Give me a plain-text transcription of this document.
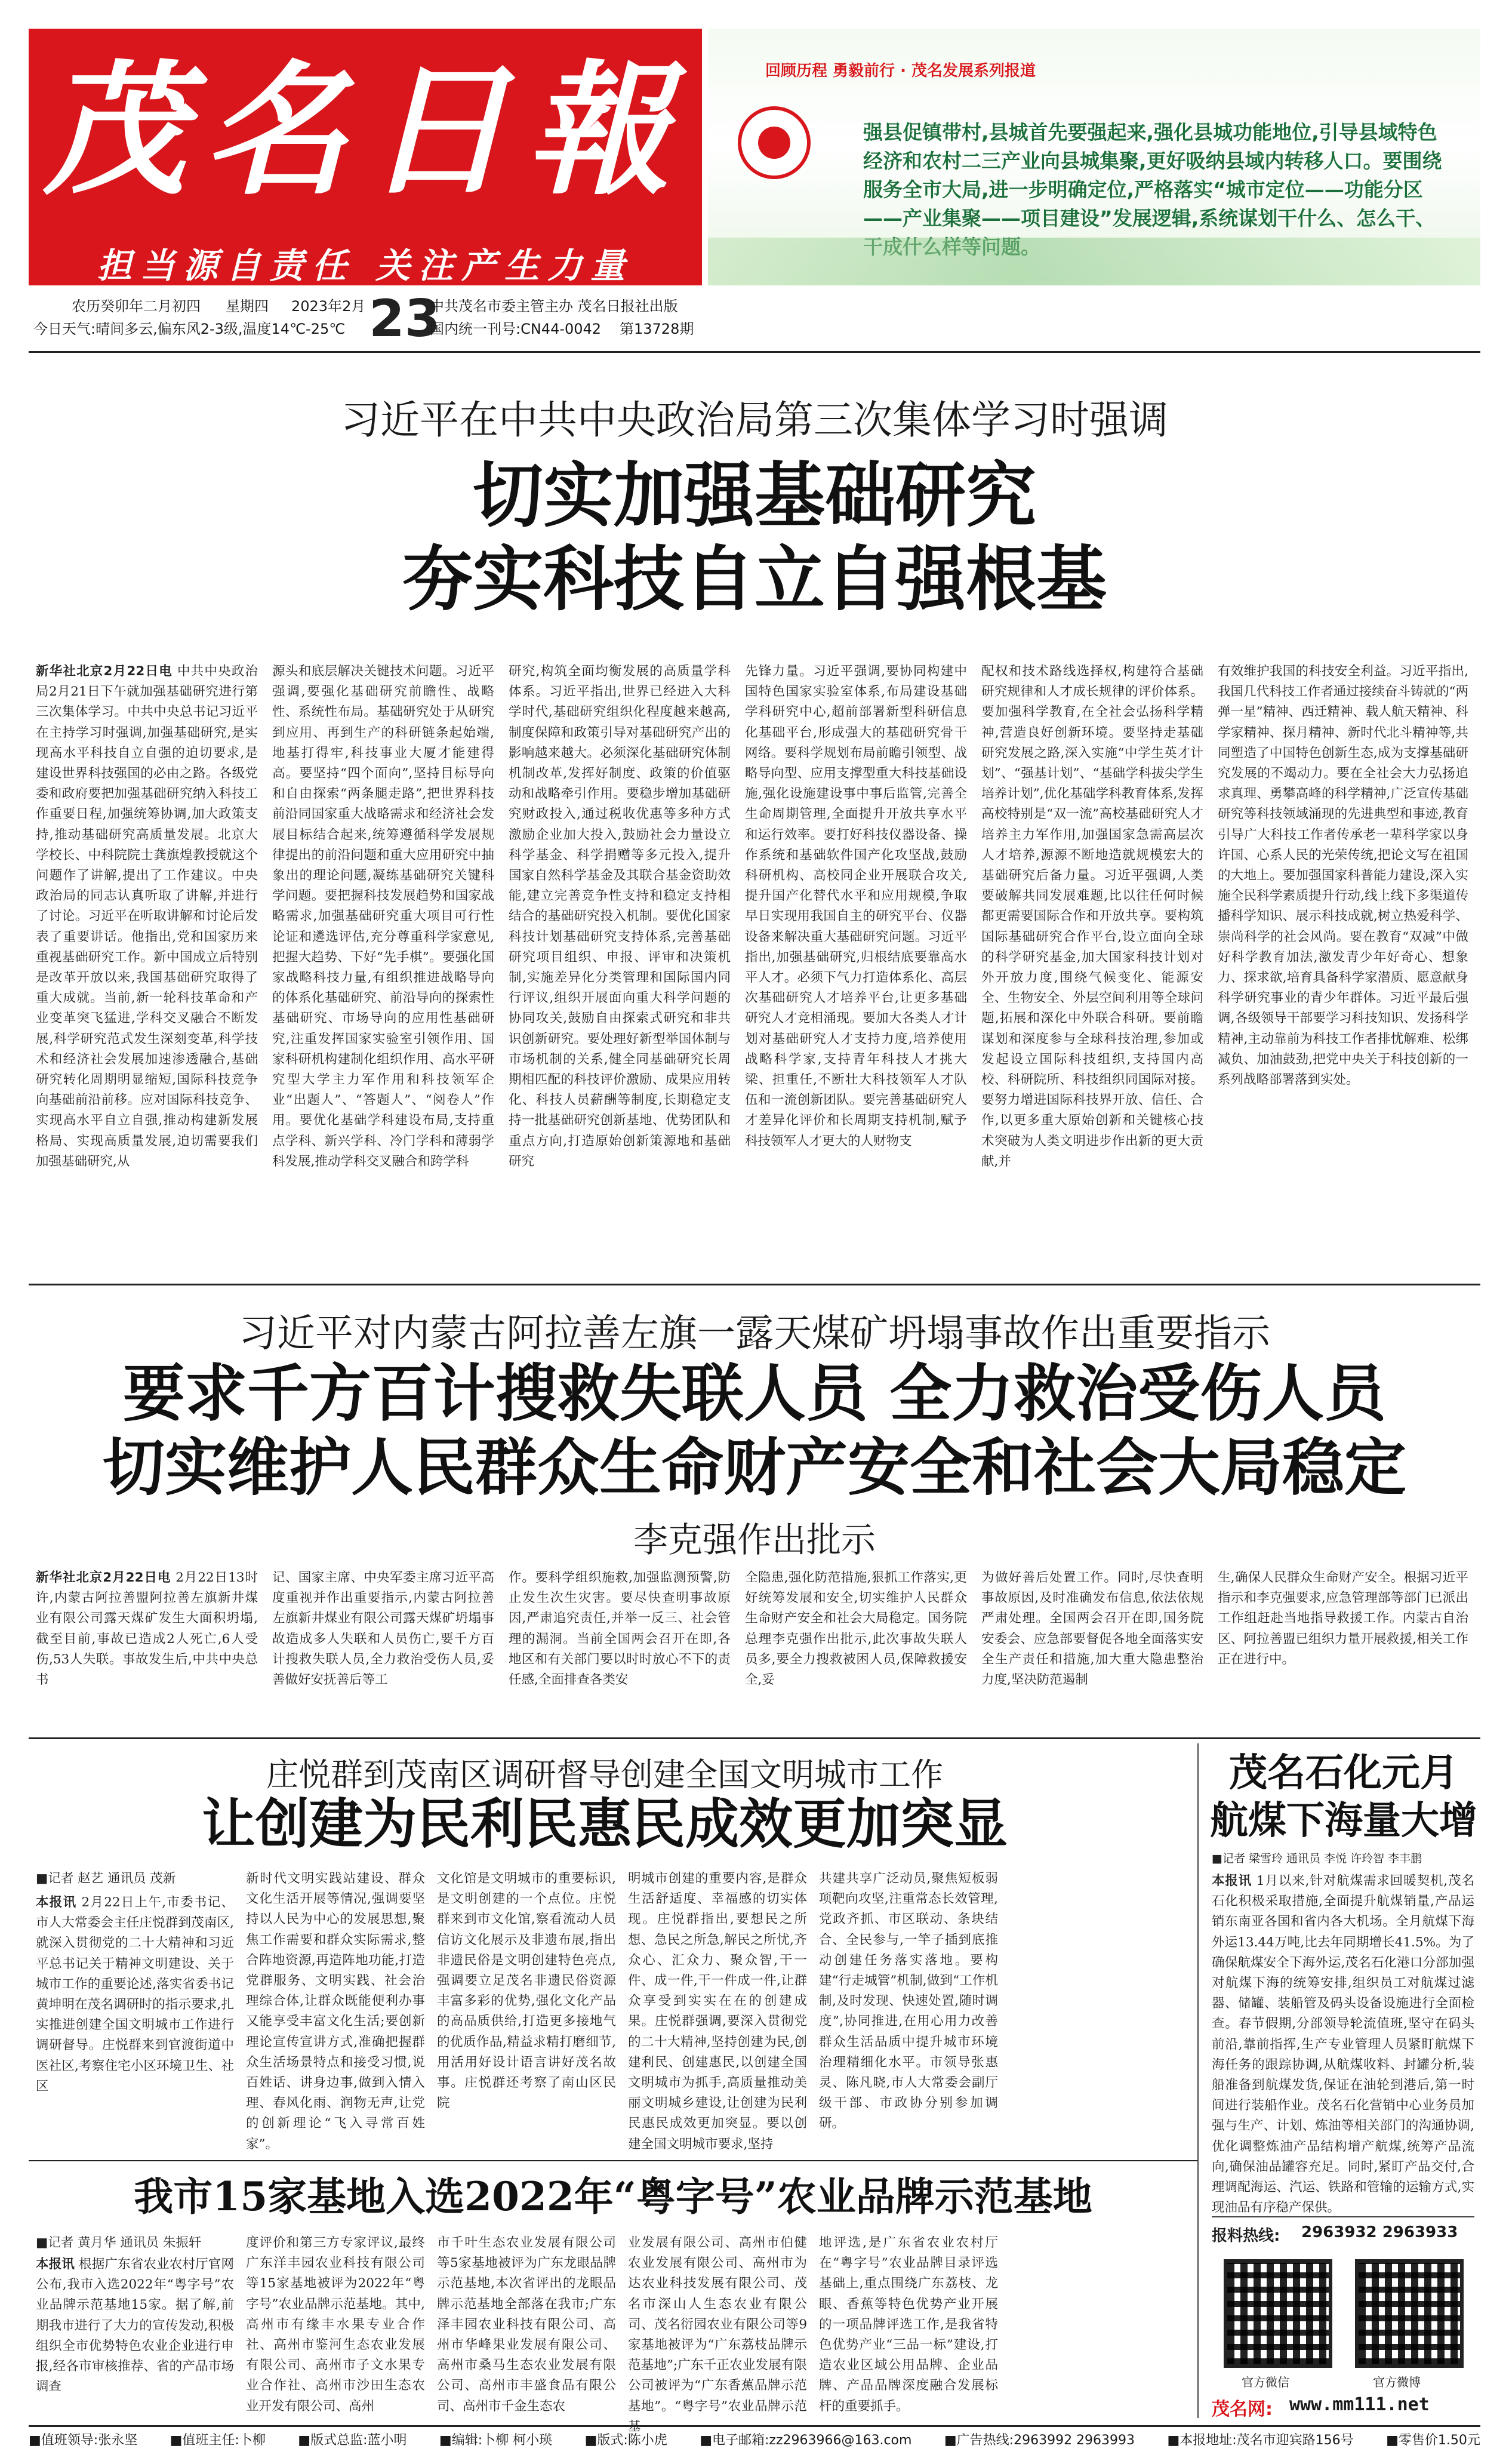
茂名日報
担当源自责任 关注产生力量
回顾历程 勇毅前行 · 茂名发展系列报道
强县促镇带村,县城首先要强起来,强化县城功能地位,引导县域特色经济和农村二三产业向县城集聚,更好吸纳县域内转移人口。要围绕服务全市大局,进一步明确定位,严格落实“城市定位——功能分区——产业集聚——项目建设”发展逻辑,系统谋划干什么、怎么干、
农历癸卯年二月初四 星期四 2023年2月
今日天气:晴间多云,偏东风2-3级,温度14℃-25℃ 23
中共茂名市委主管主办 茂名日报社出版
国内统一刊号:CN44-0042 第13728期
习近平在中共中央政治局第三次集体学习时强调
切实加强基础研究
夯实科技自立自强根基
新华社北京2月22日电 中共中央政治局2月21日下午就加强基础研究进行第三次集体学习。中共中央总书记习近平在主持学习时强调,加强基础研究,是实现高水平科技自立自强的迫切要求,是建设世界科技强国的必由之路。各级党委和政府要把加强基础研究纳入科技工作重要日程,加强统筹协调,加大政策支持,推动基础研究高质量发展。北京大学校长、中科院院士龚旗煌教授就这个问题作了讲解,提出了工作建议。中央政治局的同志认真听取了讲解,并进行了讨论。习近平在听取讲解和讨论后发表了重要讲话。他指出,党和国家历来重视基础研究工作。新中国成立后特别是改革开放以来,我国基础研究取得了重大成就。当前,新一轮科技革命和产业变革突飞猛进,学科交叉融合不断发展,科学研究范式发生深刻变革,科学技术和经济社会发展加速渗透融合,基础研究转化周期明显缩短,国际科技竞争向基础前沿前移。应对国际科技竞争、实现高水平自立自强,推动构建新发展格局、实现高质量发展,迫切需要我们加强基础研究,从
源头和底层解决关键技术问题。习近平强调,要强化基础研究前瞻性、战略性、系统性布局。基础研究处于从研究到应用、再到生产的科研链条起始端,地基打得牢,科技事业大厦才能建得高。要坚持“四个面向”,坚持目标导向和自由探索“两条腿走路”,把世界科技前沿同国家重大战略需求和经济社会发展目标结合起来,统筹遵循科学发展规律提出的前沿问题和重大应用研究中抽象出的理论问题,凝练基础研究关键科学问题。要把握科技发展趋势和国家战略需求,加强基础研究重大项目可行性论证和遴选评估,充分尊重科学家意见,把握大趋势、下好“先手棋”。要强化国家战略科技力量,有组织推进战略导向的体系化基础研究、前沿导向的探索性基础研究、市场导向的应用性基础研究,注重发挥国家实验室引领作用、国家科研机构建制化组织作用、高水平研究型大学主力军作用和科技领军企业“出题人”、“答题人”、“阅卷人”作用。要优化基础学科建设布局,支持重点学科、新兴学科、冷门学科和薄弱学科发展,推动学科交叉融合和跨学科
研究,构筑全面均衡发展的高质量学科体系。习近平指出,世界已经进入大科学时代,基础研究组织化程度越来越高,制度保障和政策引导对基础研究产出的影响越来越大。必须深化基础研究体制机制改革,发挥好制度、政策的价值驱动和战略牵引作用。要稳步增加基础研究财政投入,通过税收优惠等多种方式激励企业加大投入,鼓励社会力量设立科学基金、科学捐赠等多元投入,提升国家自然科学基金及其联合基金资助效能,建立完善竞争性支持和稳定支持相结合的基础研究投入机制。要优化国家科技计划基础研究支持体系,完善基础研究项目组织、申报、评审和决策机制,实施差异化分类管理和国际国内同行评议,组织开展面向重大科学问题的协同攻关,鼓励自由探索式研究和非共识创新研究。要处理好新型举国体制与市场机制的关系,健全同基础研究长周期相匹配的科技评价激励、成果应用转化、科技人员薪酬等制度,长期稳定支持一批基础研究创新基地、优势团队和重点方向,打造原始创新策源地和基础研究
先锋力量。习近平强调,要协同构建中国特色国家实验室体系,布局建设基础学科研究中心,超前部署新型科研信息化基础平台,形成强大的基础研究骨干网络。要科学规划布局前瞻引领型、战略导向型、应用支撑型重大科技基础设施,强化设施建设事中事后监管,完善全生命周期管理,全面提升开放共享水平和运行效率。要打好科技仪器设备、操作系统和基础软件国产化攻坚战,鼓励科研机构、高校同企业开展联合攻关,提升国产化替代水平和应用规模,争取早日实现用我国自主的研究平台、仪器设备来解决重大基础研究问题。习近平指出,加强基础研究,归根结底要靠高水平人才。必须下气力打造体系化、高层次基础研究人才培养平台,让更多基础研究人才竞相涌现。要加大各类人才计划对基础研究人才支持力度,培养使用战略科学家,支持青年科技人才挑大梁、担重任,不断壮大科技领军人才队伍和一流创新团队。要完善基础研究人才差异化评价和长周期支持机制,赋予科技领军人才更大的人财物支
配权和技术路线选择权,构建符合基础研究规律和人才成长规律的评价体系。要加强科学教育,在全社会弘扬科学精神,营造良好创新环境。要坚持走基础研究发展之路,深入实施“中学生英才计划”、“强基计划”、“基础学科拔尖学生培养计划”,优化基础学科教育体系,发挥高校特别是“双一流”高校基础研究人才培养主力军作用,加强国家急需高层次人才培养,源源不断地造就规模宏大的基础研究后备力量。习近平强调,人类要破解共同发展难题,比以往任何时候都更需要国际合作和开放共享。要构筑国际基础研究合作平台,设立面向全球的科学研究基金,加大国家科技计划对外开放力度,围绕气候变化、能源安全、生物安全、外层空间利用等全球问题,拓展和深化中外联合科研。要前瞻谋划和深度参与全球科技治理,参加或发起设立国际科技组织,支持国内高校、科研院所、科技组织同国际对接。要努力增进国际科技界开放、信任、合作,以更多重大原始创新和关键核心技术突破为人类文明进步作出新的更大贡献,并
有效维护我国的科技安全利益。习近平指出,我国几代科技工作者通过接续奋斗铸就的“两弹一星”精神、西迁精神、载人航天精神、科学家精神、探月精神、新时代北斗精神等,共同塑造了中国特色创新生态,成为支撑基础研究发展的不竭动力。要在全社会大力弘扬追求真理、勇攀高峰的科学精神,广泛宣传基础研究等科技领域涌现的先进典型和事迹,教育引导广大科技工作者传承老一辈科学家以身许国、心系人民的光荣传统,把论文写在祖国的大地上。要加强国家科普能力建设,深入实施全民科学素质提升行动,线上线下多渠道传播科学知识、展示科技成就,树立热爱科学、崇尚科学的社会风尚。要在教育“双减”中做好科学教育加法,激发青少年好奇心、想象力、探求欲,培育具备科学家潜质、愿意献身科学研究事业的青少年群体。习近平最后强调,各级领导干部要学习科技知识、发扬科学精神,主动靠前为科技工作者排忧解难、松绑减负、加油鼓劲,把党中央关于科技创新的一系列战略部署落到实处。
习近平对内蒙古阿拉善左旗一露天煤矿坍塌事故作出重要指示
要求千方百计搜救失联人员 全力救治受伤人员
切实维护人民群众生命财产安全和社会大局稳定
李克强作出批示
新华社北京2月22日电 2月22日13时许,内蒙古阿拉善盟阿拉善左旗新井煤业有限公司露天煤矿发生大面积坍塌,截至目前,事故已造成2人死亡,6人受伤,53人失联。事故发生后,中共中央总书
记、国家主席、中央军委主席习近平高度重视并作出重要指示,内蒙古阿拉善左旗新井煤业有限公司露天煤矿坍塌事故造成多人失联和人员伤亡,要千方百计搜救失联人员,全力救治受伤人员,妥善做好安抚善后等工
作。要科学组织施救,加强监测预警,防止发生次生灾害。要尽快查明事故原因,严肃追究责任,并举一反三、社会管理的漏洞。当前全国两会召开在即,各地区和有关部门要以时时放心不下的责任感,全面排查各类安
全隐患,强化防范措施,狠抓工作落实,更好统筹发展和安全,切实维护人民群众生命财产安全和社会大局稳定。国务院总理李克强作出批示,此次事故失联人员多,要全力搜救被困人员,保障救援安全,妥
为做好善后处置工作。同时,尽快查明事故原因,及时准确发布信息,依法依规严肃处理。全国两会召开在即,国务院安委会、应急部要督促各地全面落实安全生产责任和措施,加大重大隐患整治力度,坚决防范遏制
生,确保人民群众生命财产安全。根据习近平指示和李克强要求,应急管理部等部门已派出工作组赶赴当地指导救援工作。内蒙古自治区、阿拉善盟已组织力量开展救援,相关工作正在进行中。
庄悦群到茂南区调研督导创建全国文明城市工作
让创建为民利民惠民成效更加突显
■记者 赵艺 通讯员 茂新
本报讯 2月22日上午,市委书记、市人大常委会主任庄悦群到茂南区,就深入贯彻党的二十大精神和习近平总书记关于精神文明建设、关于城市工作的重要论述,落实省委书记黄坤明在茂名调研时的指示要求,扎实推进创建全国文明城市工作进行调研督导。庄悦群来到官渡街道中医社区,考察住宅小区环境卫生、社区
新时代文明实践站建设、群众文化生活开展等情况,强调要坚持以人民为中心的发展思想,聚焦工作需要和群众实际需求,整合阵地资源,再造阵地功能,打造党群服务、文明实践、社会治理综合体,让群众既能便利办事又能享受丰富文化生活;要创新理论宣传宣讲方式,准确把握群众生活场景特点和接受习惯,说百姓话、讲身边事,做到入情入理、春风化雨、润物无声,让党的创新理论“飞入寻常百姓家”。
文化馆是文明城市的重要标识,是文明创建的一个点位。庄悦群来到市文化馆,察看流动人员信访文化展示及非遗布展,指出非遗民俗是文明创建特色亮点,强调要立足茂名非遗民俗资源丰富多彩的优势,强化文化产品的高品质供给,打造更多接地气的优质作品,精益求精打磨细节,用活用好设计语言讲好茂名故事。庄悦群还考察了南山区民院
明城市创建的重要内容,是群众生活舒适度、幸福感的切实体现。庄悦群指出,要想民之所想、急民之所急,解民之所忧,齐众心、汇众力、聚众智,干一件、成一件,干一件成一件,让群众享受到实实在在的创建成果。庄悦群强调,要深入贯彻党的二十大精神,坚持创建为民,创建利民、创建惠民,以创建全国文明城市为抓手,高质量推动美丽文明城乡建设,让创建为民利民惠民成效更加突显。要以创建全国文明城市要求,坚持
共建共享广泛动员,聚焦短板弱项靶向攻坚,注重常态长效管理,党政齐抓、市区联动、条块结合、全民参与,一竿子插到底推动创建任务落实落地。要构建“行走城管”机制,做到“工作机制,及时发现、快速处置,随时调度”,协同推进,在用心用力改善群众生活品质中提升城市环境治理精细化水平。市领导张惠灵、陈凡晓,市人大常委会副厅级干部、市政协分别参加调研。
茂名石化元月
航煤下海量大增
■记者 梁雪玲 通讯员 李悦 许玲智 李丰鹏
本报讯 1月以来,针对航煤需求回暖契机,茂名石化积极采取措施,全面提升航煤销量,产品运销东南亚各国和省内各大机场。全月航煤下海外运13.44万吨,比去年同期增长41.5%。为了确保航煤安全下海外运,茂名石化港口分部加强对航煤下海的统筹安排,组织员工对航煤过滤器、储罐、装船管及码头设备设施进行全面检查。春节假期,分部领导轮流值班,坚守在码头前沿,靠前指挥,生产专业管理人员紧盯航煤下海任务的跟踪协调,从航煤收料、封罐分析,装船准备到航煤发货,保证在油轮到港后,第一时间进行装船作业。茂名石化营销中心业务员加强与生产、计划、炼油等相关部门的沟通协调,优化调整炼油产品结构增产航煤,统筹产品流向,确保油品罐容充足。同时,紧盯产品交付,合理调配海运、汽运、铁路和管输的运输方式,实现油品有序稳产保供。
报料热线: 2963932 2963933
官方微信	官方微博
茂名网: www.mm111.net
我市15家基地入选2022年“粤字号”农业品牌示范基地
■记者 黄月华 通讯员 朱振轩
本报讯 根据广东省农业农村厅官网公布,我市入选2022年“粤字号”农业品牌示范基地15家。据了解,前期我市进行了大力的宣传发动,积极组织全市优势特色农业企业进行申报,经各市审核推荐、省的产品市场调查
度评价和第三方专家评议,最终广东洋丰园农业科技有限公司等15家基地被评为2022年“粤字号”农业品牌示范基地。其中,高州市有缘丰水果专业合作社、高州市鉴河生态农业发展有限公司、高州市子文水果专业合作社、高州市沙田生态农业开发有限公司、高州
市千叶生态农业发展有限公司等5家基地被评为广东龙眼品牌示范基地,本次省评出的龙眼品牌示范基地全部落在我市;广东泽丰园农业科技有限公司、高州市华峰果业发展有限公司、高州市桑马生态农业发展有限公司、高州市丰盛食品有限公司、高州市千金生态农
业发展有限公司、高州市伯健农业发展有限公司、高州市为达农业科技发展有限公司、茂名市深山人生态农业有限公司、茂名衍园农业有限公司等9家基地被评为“广东荔枝品牌示范基地”;广东千正农业发展有限公司被评为“广东香蕉品牌示范基地”。“粤字号”农业品牌示范基
地评选,是广东省农业农村厅在“粤字号”农业品牌目录评选基础上,重点围绕广东荔枝、龙眼、香蕉等特色优势产业开展的一项品牌评选工作,是我省特色优势产业“三品一标”建设,打造农业区域公用品牌、企业品牌、产品品牌深度融合发展标杆的重要抓手。
■值班领导:张永坚 ■值班主任:卜柳 ■版式总监:蓝小明 ■编辑:卜柳 柯小瑛 ■版式:陈小虎 ■电子邮箱:zz2963966@163.com ■广告热线:2963992 2963993 ■本报地址:茂名市迎宾路156号 ■零售价1.50元
